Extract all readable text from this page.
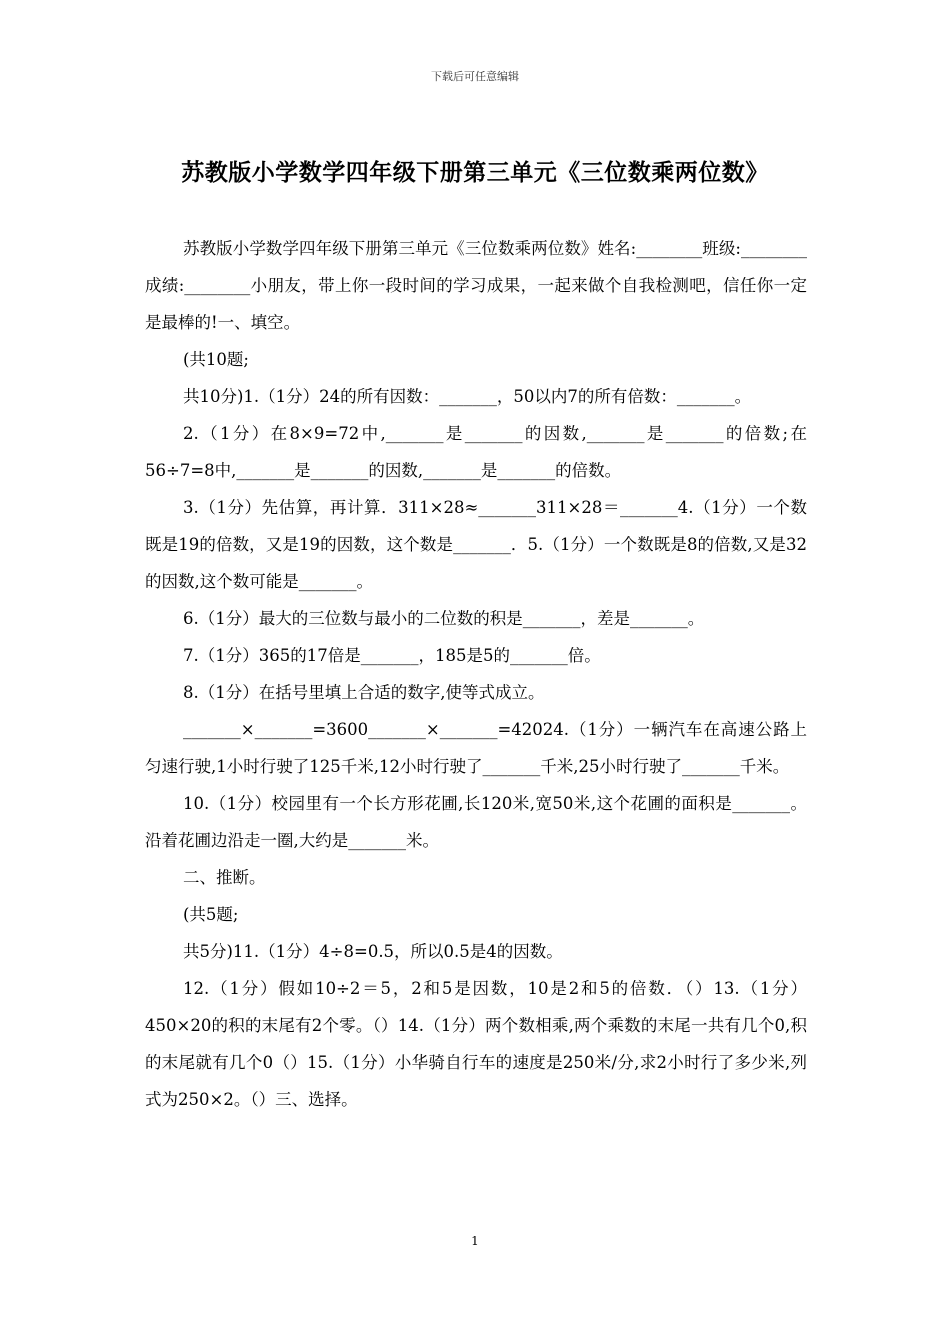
下载后可任意编辑
苏教版小学数学四年级下册第三单元《三位数乘两位数》

苏教版小学数学四年级下册第三单元《三位数乘两位数》姓名:________班级:________成绩:________小朋友，带上你一段时间的学习成果，一起来做个自我检测吧，信任你一定是最棒的!一、填空。

(共10题;

共10分)1.（1分）24的所有因数：_______，50以内7的所有倍数：_______。

2.（1分）在8×9=72中,_______是_______的因数,_______是_______的倍数;在56÷7=8中,_______是_______的因数,_______是_______的倍数。

3.（1分）先估算，再计算．311×28≈_______311×28＝_______4.（1分）一个数既是19的倍数，又是19的因数，这个数是_______．5.（1分）一个数既是8的倍数,又是32的因数,这个数可能是_______。

6.（1分）最大的三位数与最小的二位数的积是_______，差是_______。

7.（1分）365的17倍是_______，185是5的_______倍。

8.（1分）在括号里填上合适的数字,使等式成立。

_______×_______=3600_______×_______=42024.（1分）一辆汽车在高速公路上匀速行驶,1小时行驶了125千米,12小时行驶了_______千米,25小时行驶了_______千米。

10.（1分）校园里有一个长方形花圃,长120米,宽50米,这个花圃的面积是_______。沿着花圃边沿走一圈,大约是_______米。

二、推断。

(共5题;

共5分)11.（1分）4÷8=0.5，所以0.5是4的因数。

12.（1分）假如10÷2＝5，2和5是因数，10是2和5的倍数．（）13.（1分）450×20的积的末尾有2个零。（）14.（1分）两个数相乘,两个乘数的末尾一共有几个0,积的末尾就有几个0（）15.（1分）小华骑自行车的速度是250米/分,求2小时行了多少米,列式为250×2。（）三、选择。

1
